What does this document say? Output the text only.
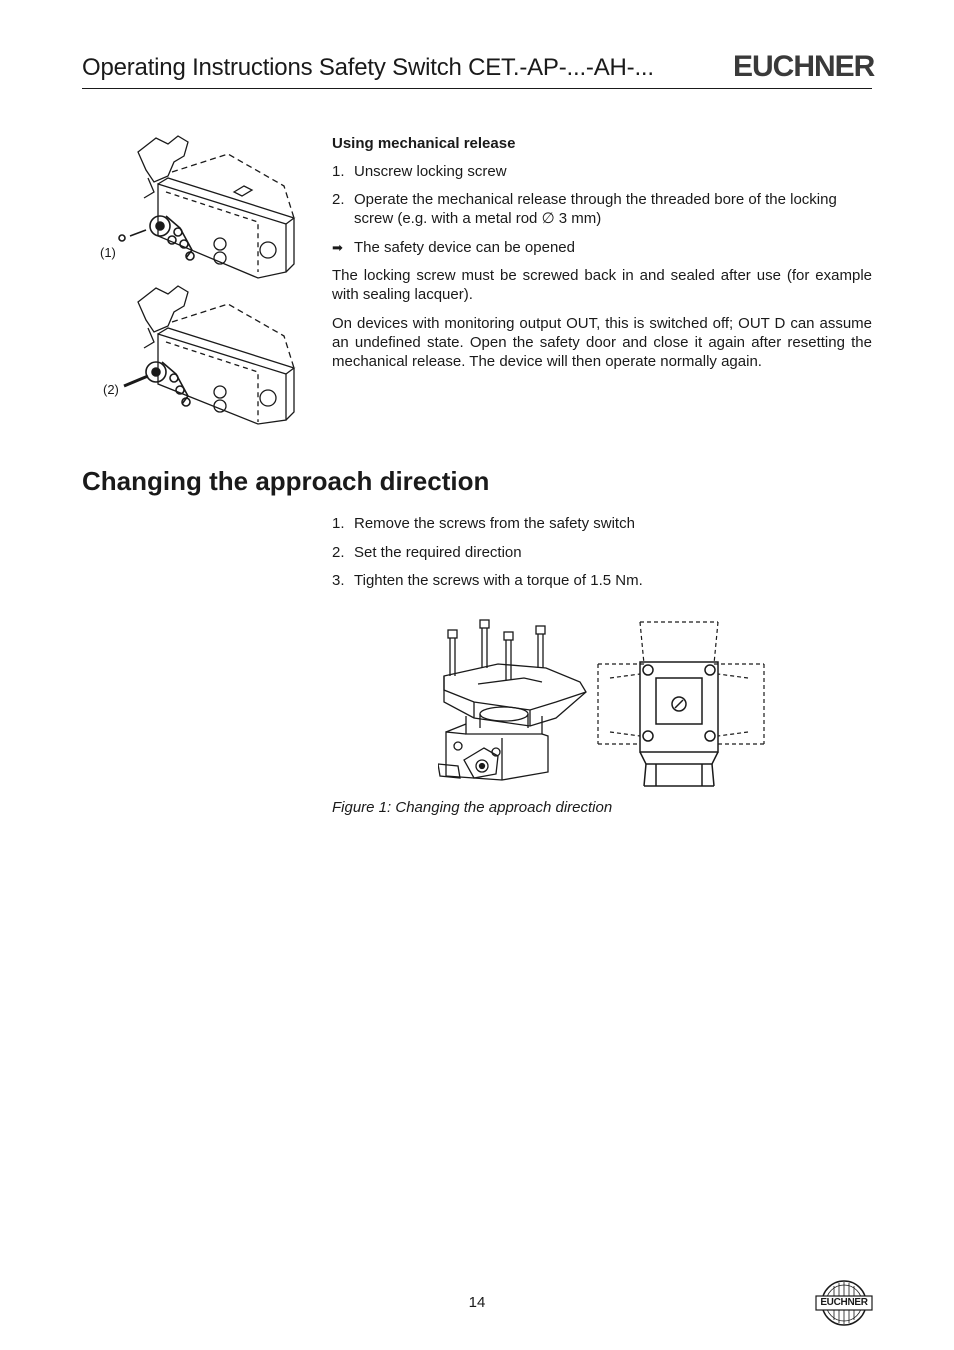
Operating Instructions Safety Switch CET.-AP-...-AH-...	EUCHNER
(1)
(2)
Using mechanical release
1. Unscrew locking screw
2. Operate the mechanical release through the threaded bore of the locking screw (e.g. with a metal rod ∅ 3 mm)
➡ The safety device can be opened
The locking screw must be screwed back in and sealed after use (for example with sealing lacquer).
On devices with monitoring output OUT, this is switched off; OUT D can assume an undefined state. Open the safety door and close it again after resetting the mechanical release. The device will then operate normally again.
Changing the approach direction
1. Remove the screws from the safety switch
2. Set the required direction
3. Tighten the screws with a torque of 1.5 Nm.
Figure 1: Changing the approach direction
14	EUCHNER
